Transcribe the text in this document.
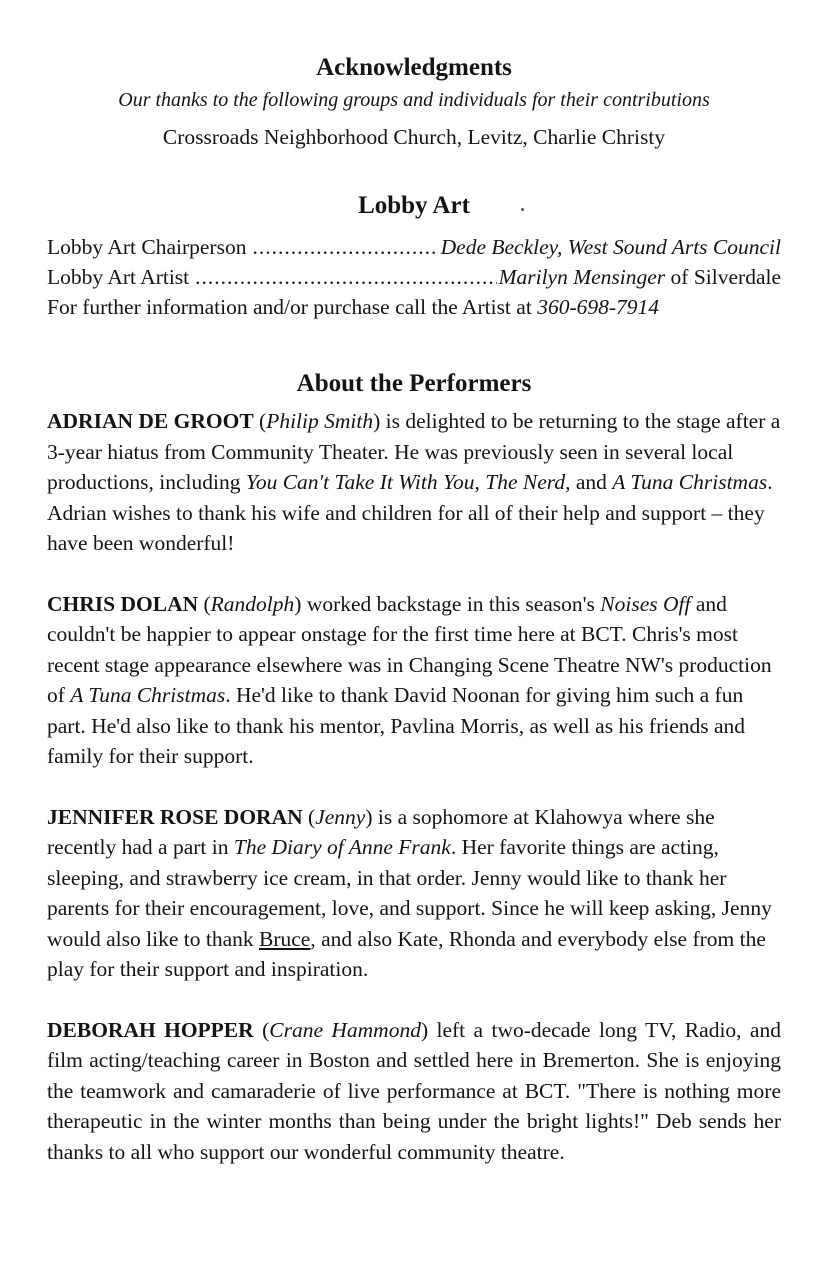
Acknowledgments
Our thanks to the following groups and individuals for their contributions
Crossroads Neighborhood Church, Levitz, Charlie Christy
Lobby Art
Lobby Art Chairperson .....	Dede Beckley, West Sound Arts Council
Lobby Art Artist .....	Marilyn Mensinger of Silverdale
For further information and/or purchase call the Artist at 360-698-7914
About the Performers

ADRIAN DE GROOT (Philip Smith) is delighted to be returning to the stage after a 3-year hiatus from Community Theater. He was previously seen in several local productions, including You Can't Take It With You, The Nerd, and A Tuna Christmas. Adrian wishes to thank his wife and children for all of their help and support – they have been wonderful!

CHRIS DOLAN (Randolph) worked backstage in this season's Noises Off and couldn't be happier to appear onstage for the first time here at BCT. Chris's most recent stage appearance elsewhere was in Changing Scene Theatre NW's production of A Tuna Christmas. He'd like to thank David Noonan for giving him such a fun part. He'd also like to thank his mentor, Pavlina Morris, as well as his friends and family for their support.

JENNIFER ROSE DORAN (Jenny) is a sophomore at Klahowya where she recently had a part in The Diary of Anne Frank. Her favorite things are acting, sleeping, and strawberry ice cream, in that order. Jenny would like to thank her parents for their encouragement, love, and support. Since he will keep asking, Jenny would also like to thank Bruce, and also Kate, Rhonda and everybody else from the play for their support and inspiration.

DEBORAH HOPPER (Crane Hammond) left a two-decade long TV, Radio, and film acting/teaching career in Boston and settled here in Bremerton. She is enjoying the teamwork and camaraderie of live performance at BCT. "There is nothing more therapeutic in the winter months than being under the bright lights!" Deb sends her thanks to all who support our wonderful community theatre.
